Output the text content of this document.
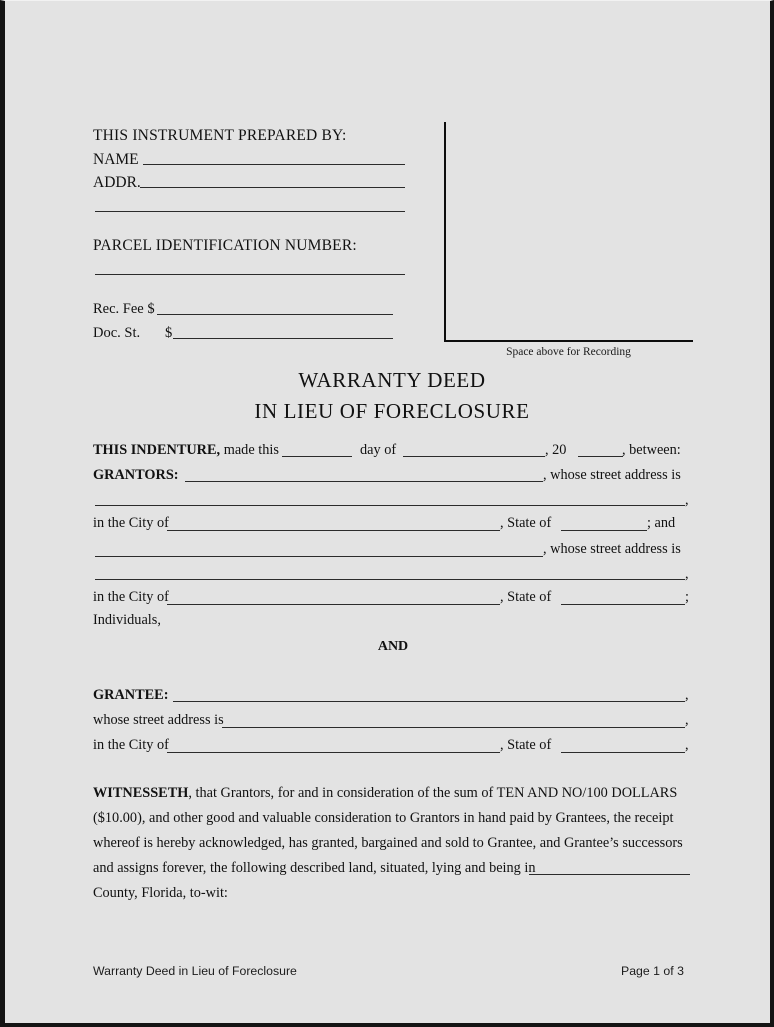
THIS INSTRUMENT PREPARED BY:
NAME
ADDR.
PARCEL IDENTIFICATION NUMBER:
Rec. Fee $
Doc. St. $
Space above for Recording
WARRANTY DEED
IN LIEU OF FORECLOSURE
THIS INDENTURE, made this	day of	, 20	, between:
GRANTORS:	, whose street address is
,
in the City of	, State of	; and
, whose street address is
,
in the City of	, State of	;
Individuals,
AND
GRANTEE:	,
whose street address is	,
in the City of	, State of	,
WITNESSETH, that Grantors, for and in consideration of the sum of TEN AND NO/100 DOLLARS
($10.00), and other good and valuable consideration to Grantors in hand paid by Grantees, the receipt
whereof is hereby acknowledged, has granted, bargained and sold to Grantee, and Grantee’s successors
and assigns forever, the following described land, situated, lying and being in
County, Florida, to-wit:
Warranty Deed in Lieu of Foreclosure	Page 1 of 3
